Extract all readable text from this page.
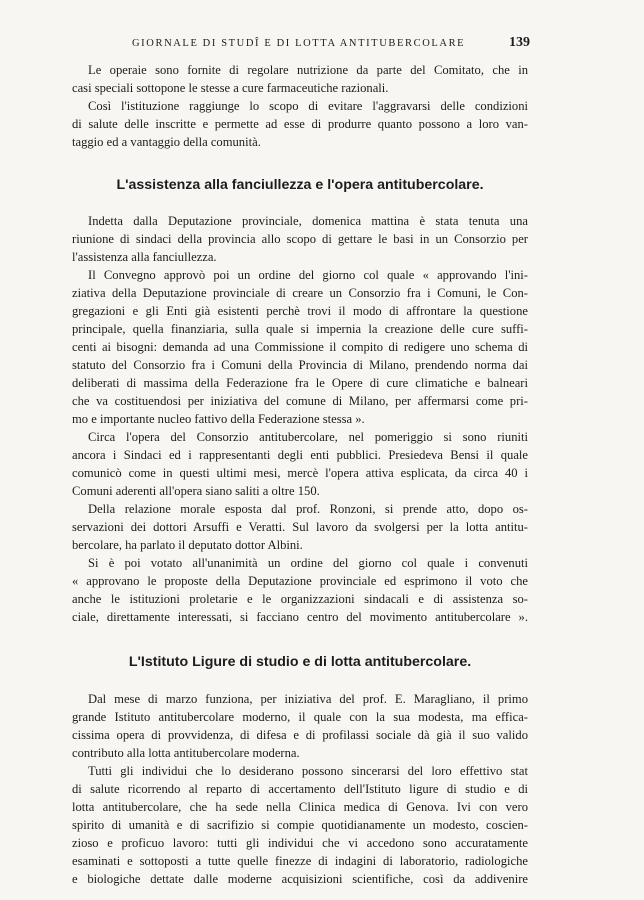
GIORNALE DI STUDÎ E DI LOTTA ANTITUBERCOLARE	139
Le operaie sono fornite di regolare nutrizione da parte del Comitato, che in
casi speciali sottopone le stesse a cure farmaceutiche razionali.
Così l'istituzione raggiunge lo scopo di evitare l'aggravarsi delle condizioni
di salute delle inscritte e permette ad esse di produrre quanto possono a loro van-
taggio ed a vantaggio della comunità.
L'assistenza alla fanciullezza e l'opera antitubercolare.
Indetta dalla Deputazione provinciale, domenica mattina è stata tenuta una
riunione di sindaci della provincia allo scopo di gettare le basi in un Consorzio per
l'assistenza alla fanciullezza.
Il Convegno approvò poi un ordine del giorno col quale « approvando l'ini-
ziativa della Deputazione provinciale di creare un Consorzio fra i Comuni, le Con-
gregazioni e gli Enti già esistenti perchè trovi il modo di affrontare la questione
principale, quella finanziaria, sulla quale si impernia la creazione delle cure suffi-
centi ai bisogni: demanda ad una Commissione il compito di redigere uno schema di
statuto del Consorzio fra i Comuni della Provincia di Milano, prendendo norma dai
deliberati di massima della Federazione fra le Opere di cure climatiche e balneari
che va costituendosi per iniziativa del comune di Milano, per affermarsi come pri-
mo e importante nucleo fattivo della Federazione stessa ».
Circa l'opera del Consorzio antitubercolare, nel pomeriggio si sono riuniti
ancora i Sindaci ed i rappresentanti degli enti pubblici. Presiedeva Bensi il quale
comunicò come in questi ultimi mesi, mercè l'opera attiva esplicata, da circa 40 i
Comuni aderenti all'opera siano saliti a oltre 150.
Della relazione morale esposta dal prof. Ronzoni, si prende atto, dopo os-
servazioni dei dottori Arsuffi e Veratti. Sul lavoro da svolgersi per la lotta antitu-
bercolare, ha parlato il deputato dottor Albini.
Si è poi votato all'unanimità un ordine del giorno col quale i convenuti
« approvano le proposte della Deputazione provinciale ed esprimono il voto che
anche le istituzioni proletarie e le organizzazioni sindacali e di assistenza so-
ciale, direttamente interessati, si facciano centro del movimento antitubercolare ».
L'Istituto Ligure di studio e di lotta antitubercolare.
Dal mese di marzo funziona, per iniziativa del prof. E. Maragliano, il primo
grande Istituto antitubercolare moderno, il quale con la sua modesta, ma effica-
cissima opera di provvidenza, di difesa e di profilassi sociale dà già il suo valido
contributo alla lotta antitubercolare moderna.
Tutti gli individui che lo desiderano possono sincerarsi del loro effettivo stat
di salute ricorrendo al reparto di accertamento dell'Istituto ligure di studio e di
lotta antitubercolare, che ha sede nella Clinica medica di Genova. Ivi con vero
spirito di umanità e di sacrifizio si compie quotidianamente un modesto, coscien-
zioso e proficuo lavoro: tutti gli individui che vi accedono sono accuratamente
esaminati e sottoposti a tutte quelle finezze di indagini di laboratorio, radiologiche
e biologiche dettate dalle moderne acquisizioni scientifiche, così da addivenire
